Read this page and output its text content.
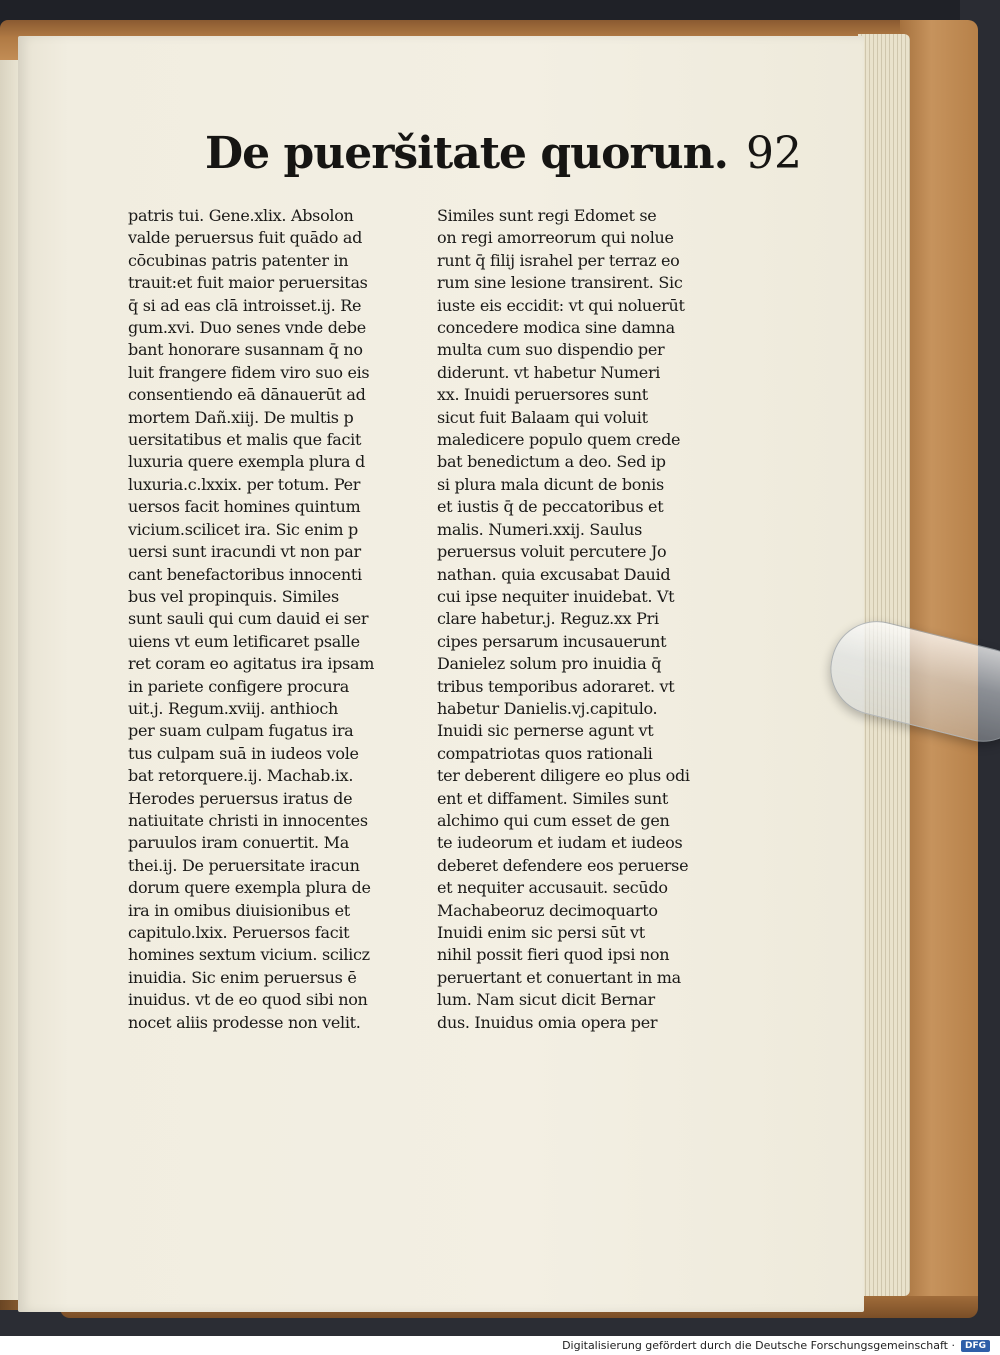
De pueršitate quorun. 92
patris tui. Gene.xlix. Absolon
valde peruersus fuit quādo ad
cōcubinas patris patenter in
trauit:et fuit maior peruersitas
q̄ si ad eas clā introisset.ij. Re
gum.xvi. Duo senes vnde debe
bant honorare susannam q̄ no
luit frangere fidem viro suo eis
consentiendo eā dānauerūt ad
mortem Dañ.xiij. De multis p
uersitatibus et malis que facit
luxuria quere exempla plura d
luxuria.c.lxxix. per totum. Per
uersos facit homines quintum
vicium.scilicet ira. Sic enim p
uersi sunt iracundi vt non par
cant benefactoribus innocenti
bus vel propinquis. Similes
sunt sauli qui cum dauid ei ser
uiens vt eum letificaret psalle
ret coram eo agitatus ira ipsam
in pariete configere procura
uit.j. Regum.xviij. anthioch
per suam culpam fugatus ira
tus culpam suā in iudeos vole
bat retorquere.ij. Machab.ix.
Herodes peruersus iratus de
natiuitate christi in innocentes
paruulos iram conuertit. Ma
thei.ij. De peruersitate iracun
dorum quere exempla plura de
ira in omibus diuisionibus et
capitulo.lxix. Peruersos facit
homines sextum vicium. scilicz
inuidia. Sic enim peruersus ē
inuidus. vt de eo quod sibi non
nocet aliis prodesse non velit.
Similes sunt regi Edomet se
on regi amorreorum qui nolue
runt q̄ filij israhel per terraz eo
rum sine lesione transirent. Sic
iuste eis eccidit: vt qui noluerūt
concedere modica sine damna
multa cum suo dispendio per
diderunt. vt habetur Numeri
xx. Inuidi peruersores sunt
sicut fuit Balaam qui voluit
maledicere populo quem crede
bat benedictum a deo. Sed ip
si plura mala dicunt de bonis
et iustis q̄ de peccatoribus et
malis. Numeri.xxij. Saulus
peruersus voluit percutere Jo
nathan. quia excusabat Dauid
cui ipse nequiter inuidebat. Vt
clare habetur.j. Reguz.xx Pri
cipes persarum incusauerunt
Danielez solum pro inuidia q̄
tribus temporibus adoraret. vt
habetur Danielis.vj.capitulo.
Inuidi sic pernerse agunt vt
compatriotas quos rationali
ter deberent diligere eo plus odi
ent et diffament. Similes sunt
alchimo qui cum esset de gen
te iudeorum et iudam et iudeos
deberet defendere eos peruerse
et nequiter accusauit. secūdo
Machabeoruz decimoquarto
Inuidi enim sic persi sūt vt
nihil possit fieri quod ipsi non
peruertant et conuertant in ma
lum. Nam sicut dicit Bernar
dus. Inuidus omia opera per
Digitalisierung gefördert durch die Deutsche Forschungsgemeinschaft ·	DFG
